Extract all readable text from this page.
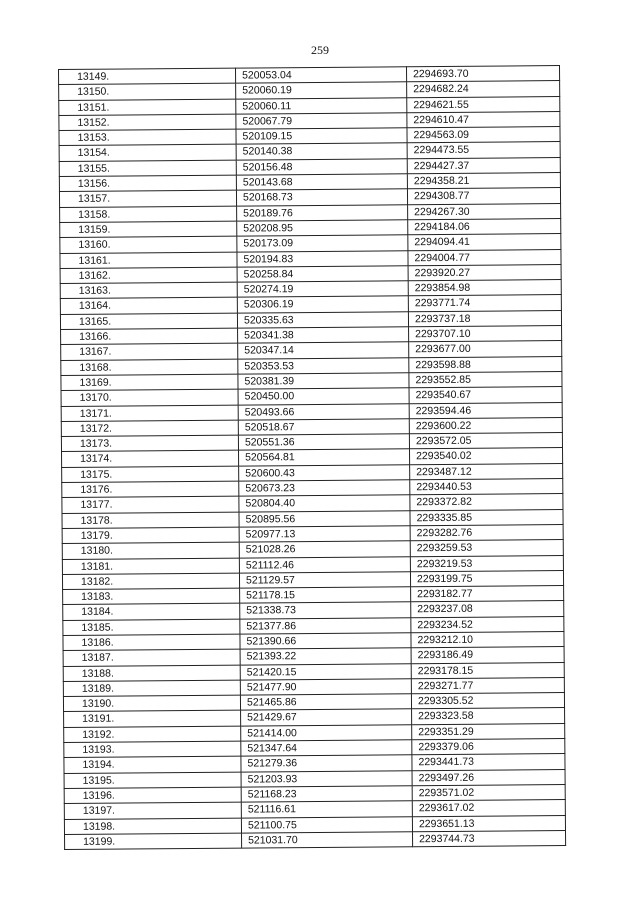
259
13149.	520053.04	2294693.70
13150.	520060.19	2294682.24
13151.	520060.11	2294621.55
13152.	520067.79	2294610.47
13153.	520109.15	2294563.09
13154.	520140.38	2294473.55
13155.	520156.48	2294427.37
13156.	520143.68	2294358.21
13157.	520168.73	2294308.77
13158.	520189.76	2294267.30
13159.	520208.95	2294184.06
13160.	520173.09	2294094.41
13161.	520194.83	2294004.77
13162.	520258.84	2293920.27
13163.	520274.19	2293854.98
13164.	520306.19	2293771.74
13165.	520335.63	2293737.18
13166.	520341.38	2293707.10
13167.	520347.14	2293677.00
13168.	520353.53	2293598.88
13169.	520381.39	2293552.85
13170.	520450.00	2293540.67
13171.	520493.66	2293594.46
13172.	520518.67	2293600.22
13173.	520551.36	2293572.05
13174.	520564.81	2293540.02
13175.	520600.43	2293487.12
13176.	520673.23	2293440.53
13177.	520804.40	2293372.82
13178.	520895.56	2293335.85
13179.	520977.13	2293282.76
13180.	521028.26	2293259.53
13181.	521112.46	2293219.53
13182.	521129.57	2293199.75
13183.	521178.15	2293182.77
13184.	521338.73	2293237.08
13185.	521377.86	2293234.52
13186.	521390.66	2293212.10
13187.	521393.22	2293186.49
13188.	521420.15	2293178.15
13189.	521477.90	2293271.77
13190.	521465.86	2293305.52
13191.	521429.67	2293323.58
13192.	521414.00	2293351.29
13193.	521347.64	2293379.06
13194.	521279.36	2293441.73
13195.	521203.93	2293497.26
13196.	521168.23	2293571.02
13197.	521116.61	2293617.02
13198.	521100.75	2293651.13
13199.	521031.70	2293744.73
